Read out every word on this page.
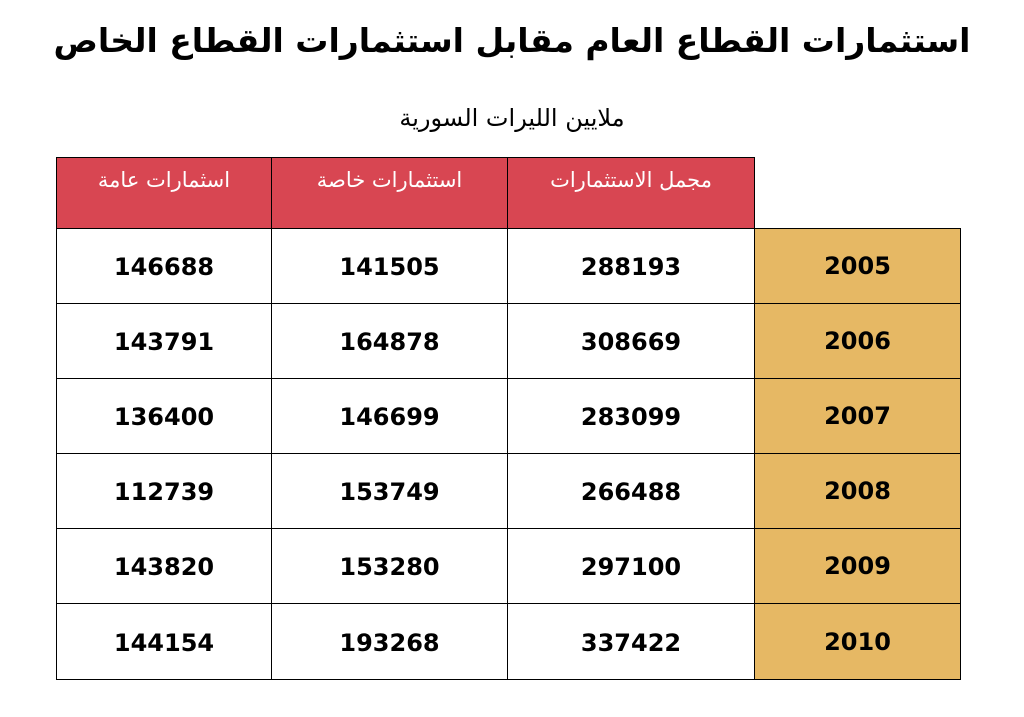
استثمارات القطاع العام مقابل استثمارات القطاع الخاص
ملايين الليرات السورية
اسثمارات عامة	استثمارات خاصة	مجمل الاستثمارات
146688	141505	288193	2005
143791	164878	308669	2006
136400	146699	283099	2007
112739	153749	266488	2008
143820	153280	297100	2009
144154	193268	337422	2010
